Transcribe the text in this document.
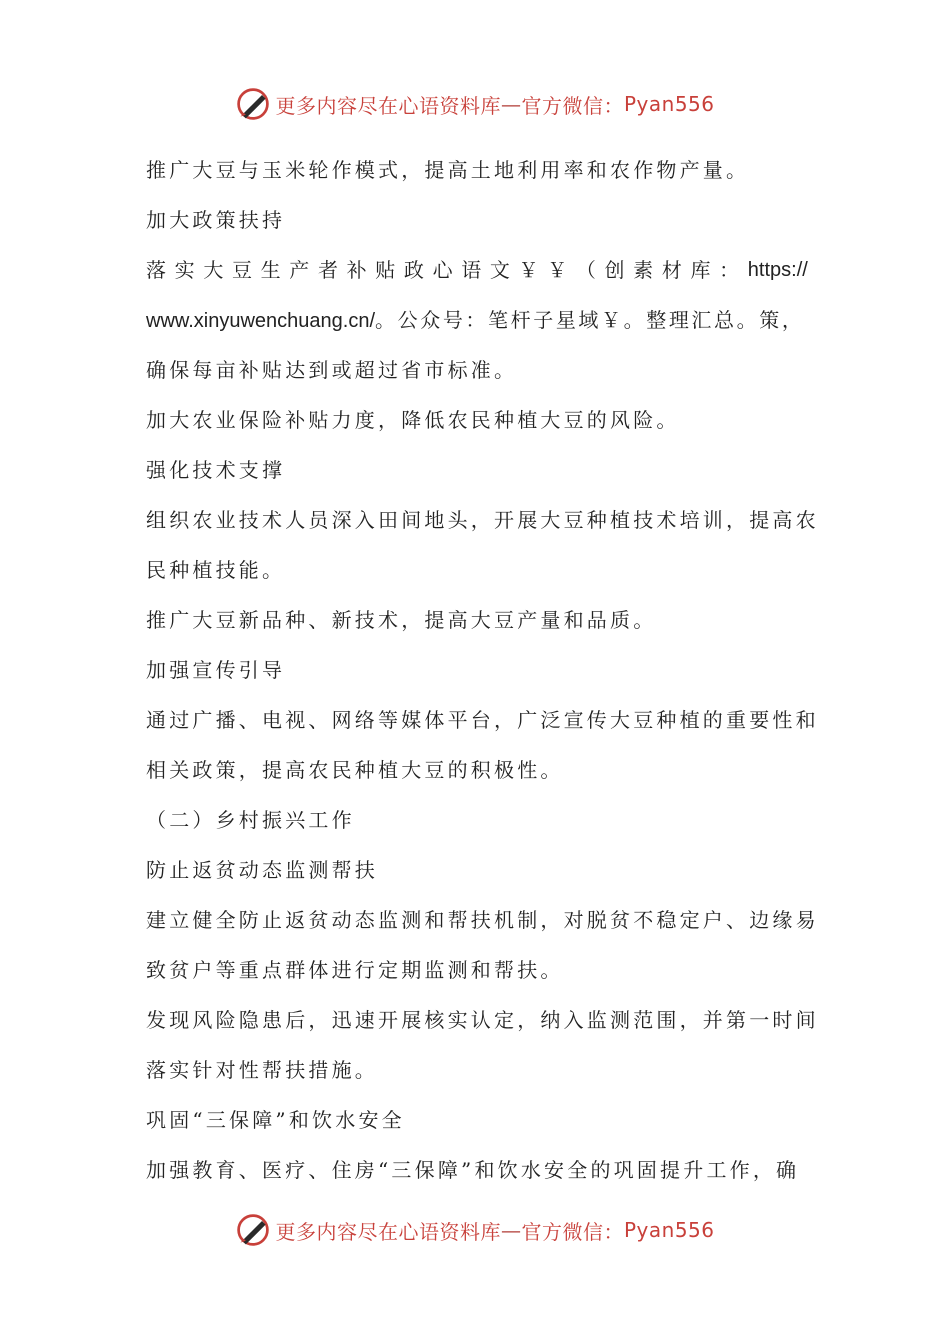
更多内容尽在心语资料库 — 官方微信： Pyan556
推广大豆与玉米轮作模式，提高土地利用率和农作物产量。
加大政策扶持
落 实 大 豆 生 产 者 补 贴 政 心 语 文 ￥ ￥ （ 创 素 材 库 ： https://
www.xinyuwenchuang.cn/。公众号：笔杆子星域￥。整理汇总。策，
确保每亩补贴达到或超过省市标准。
加大农业保险补贴力度，降低农民种植大豆的风险。
强化技术支撑
组织农业技术人员深入田间地头，开展大豆种植技术培训，提高农
民种植技能。
推广大豆新品种、新技术，提高大豆产量和品质。
加强宣传引导
通过广播、电视、网络等媒体平台，广泛宣传大豆种植的重要性和
相关政策，提高农民种植大豆的积极性。
（二）乡村振兴工作
防止返贫动态监测帮扶
建立健全防止返贫动态监测和帮扶机制，对脱贫不稳定户、边缘易
致贫户等重点群体进行定期监测和帮扶。
发现风险隐患后，迅速开展核实认定，纳入监测范围，并第一时间
落实针对性帮扶措施。
巩固“三保障”和饮水安全
加强教育、医疗、住房“三保障”和饮水安全的巩固提升工作，确
更多内容尽在心语资料库 — 官方微信： Pyan556
